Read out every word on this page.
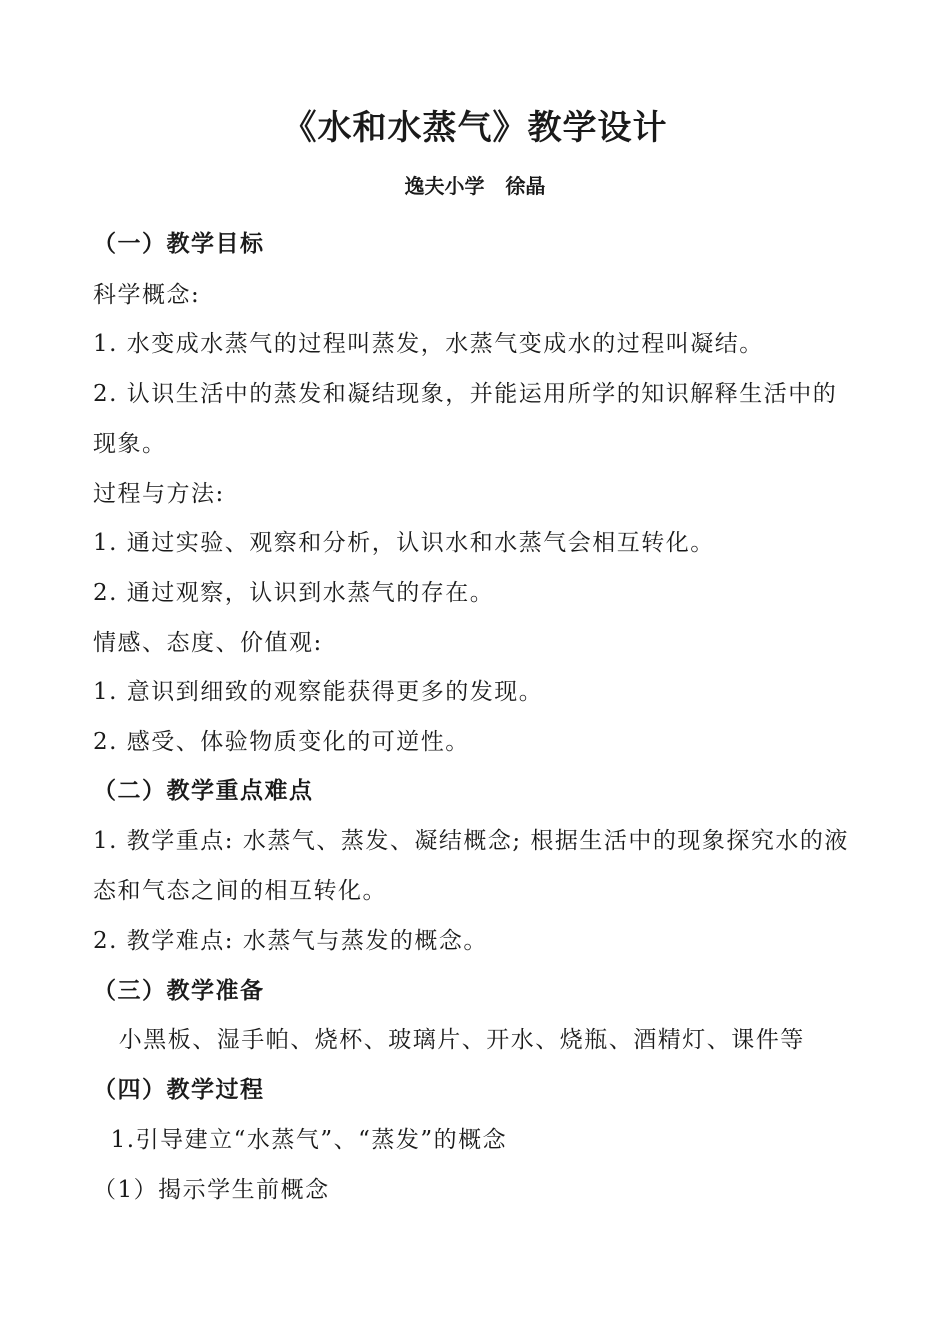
《水和水蒸气》教学设计
逸夫小学   徐晶
（一）教学目标
科学概念:
1. 水变成水蒸气的过程叫蒸发，水蒸气变成水的过程叫凝结。
2. 认识生活中的蒸发和凝结现象，并能运用所学的知识解释生活中的
现象。
过程与方法:
1. 通过实验、观察和分析，认识水和水蒸气会相互转化。
2. 通过观察，认识到水蒸气的存在。
情感、态度、价值观:
1. 意识到细致的观察能获得更多的发现。
2. 感受、体验物质变化的可逆性。
（二）教学重点难点
1. 教学重点: 水蒸气、蒸发、凝结概念; 根据生活中的现象探究水的液
态和气态之间的相互转化。
2. 教学难点: 水蒸气与蒸发的概念。
（三）教学准备
小黑板、湿手帕、烧杯、玻璃片、开水、烧瓶、酒精灯、课件等
（四）教学过程
1.引导建立“水蒸气”、“蒸发”的概念
（1）揭示学生前概念
